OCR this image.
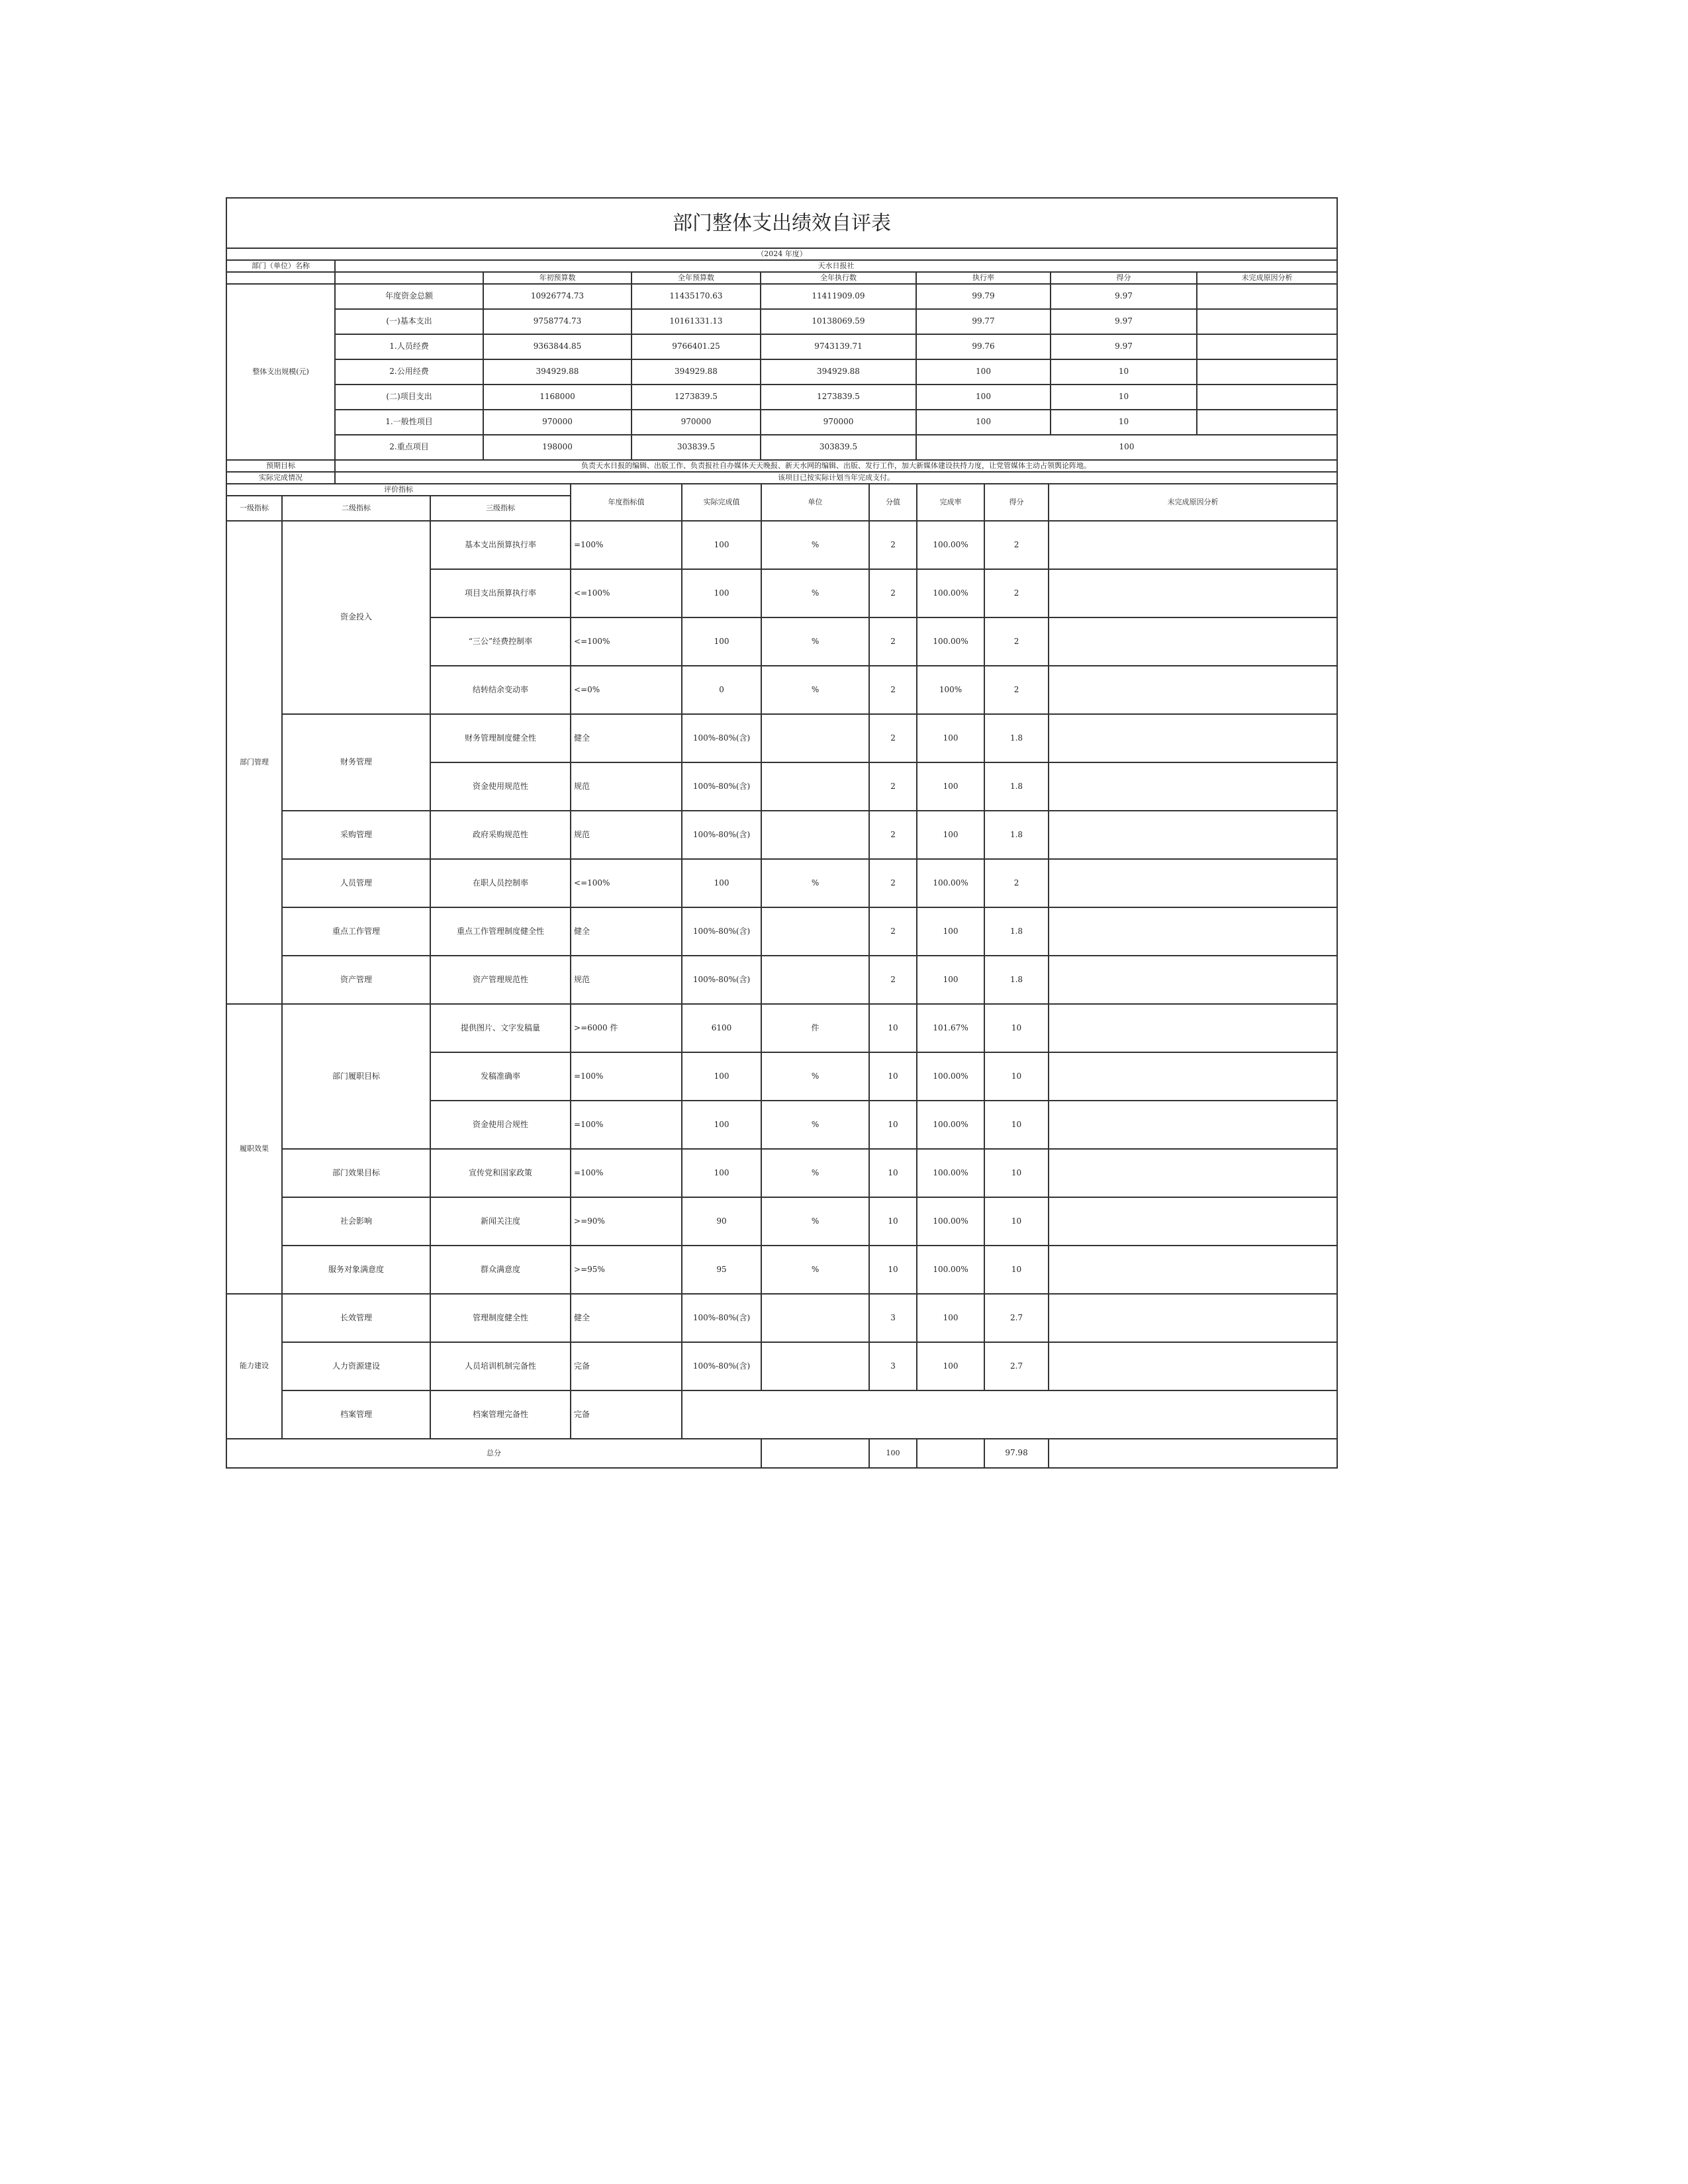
部门整体支出绩效自评表							
（2024 年度）							
部门（单位）名称	天水日报社						
		年初预算数	全年预算数	全年执行数	执行率	得分	未完成原因分析
整体支出规模(元)	年度资金总额	10926774.73	11435170.63	11411909.09	99.79	9.97	
	(一)基本支出	9758774.73	10161331.13	10138069.59	99.77	9.97	
	1.人员经费	9363844.85	9766401.25	9743139.71	99.76	9.97	
	2.公用经费	394929.88	394929.88	394929.88	100	10	
	(二)项目支出	1168000	1273839.5	1273839.5	100	10	
	1.一般性项目	970000	970000	970000	100	10	
	2.重点项目	198000	303839.5	303839.5	100		
预期目标	负责天水日报的编辑、出版工作、负责报社自办媒体天天晚报、新天水网的编辑、出版、发行工作，加大新媒体建设扶持力度，让党管媒体主动占领舆论阵地。						
实际完成情况	该项目已按实际计划当年完成支付。						
评价指标			年度指标值	实际完成值	单位	分值	完成率	得分	未完成原因分析	
一级指标	二级指标	三级指标								
部门管理	资金投入	基本支出预算执行率	=100%	100	%	2	100.00%	2		
		项目支出预算执行率	<=100%	100	%	2	100.00%	2		
		“三公”经费控制率	<=100%	100	%	2	100.00%	2		
		结转结余变动率	<=0%	0	%	2	100%	2		
	财务管理	财务管理制度健全性	健全	100%-80%(含)		2	100	1.8		
		资金使用规范性	规范	100%-80%(含)		2	100	1.8		
	采购管理	政府采购规范性	规范	100%-80%(含)		2	100	1.8		
	人员管理	在职人员控制率	<=100%	100	%	2	100.00%	2		
	重点工作管理	重点工作管理制度健全性	健全	100%-80%(含)		2	100	1.8		
	资产管理	资产管理规范性	规范	100%-80%(含)		2	100	1.8		
履职效果	部门履职目标	提供图片、文字发稿量	>=6000 件	6100	件	10	101.67%	10		
		发稿准确率	=100%	100	%	10	100.00%	10		
		资金使用合规性	=100%	100	%	10	100.00%	10		
	部门效果目标	宣传党和国家政策	=100%	100	%	10	100.00%	10		
	社会影响	新闻关注度	>=90%	90	%	10	100.00%	10		
	服务对象满意度	群众满意度	>=95%	95	%	10	100.00%	10		
能力建设	长效管理	管理制度健全性	健全	100%-80%(含)		3	100	2.7		
	人力资源建设	人员培训机制完备性	完备	100%-80%(含)		3	100	2.7		
	档案管理	档案管理完备性	完备							
总分						100		97.98		
